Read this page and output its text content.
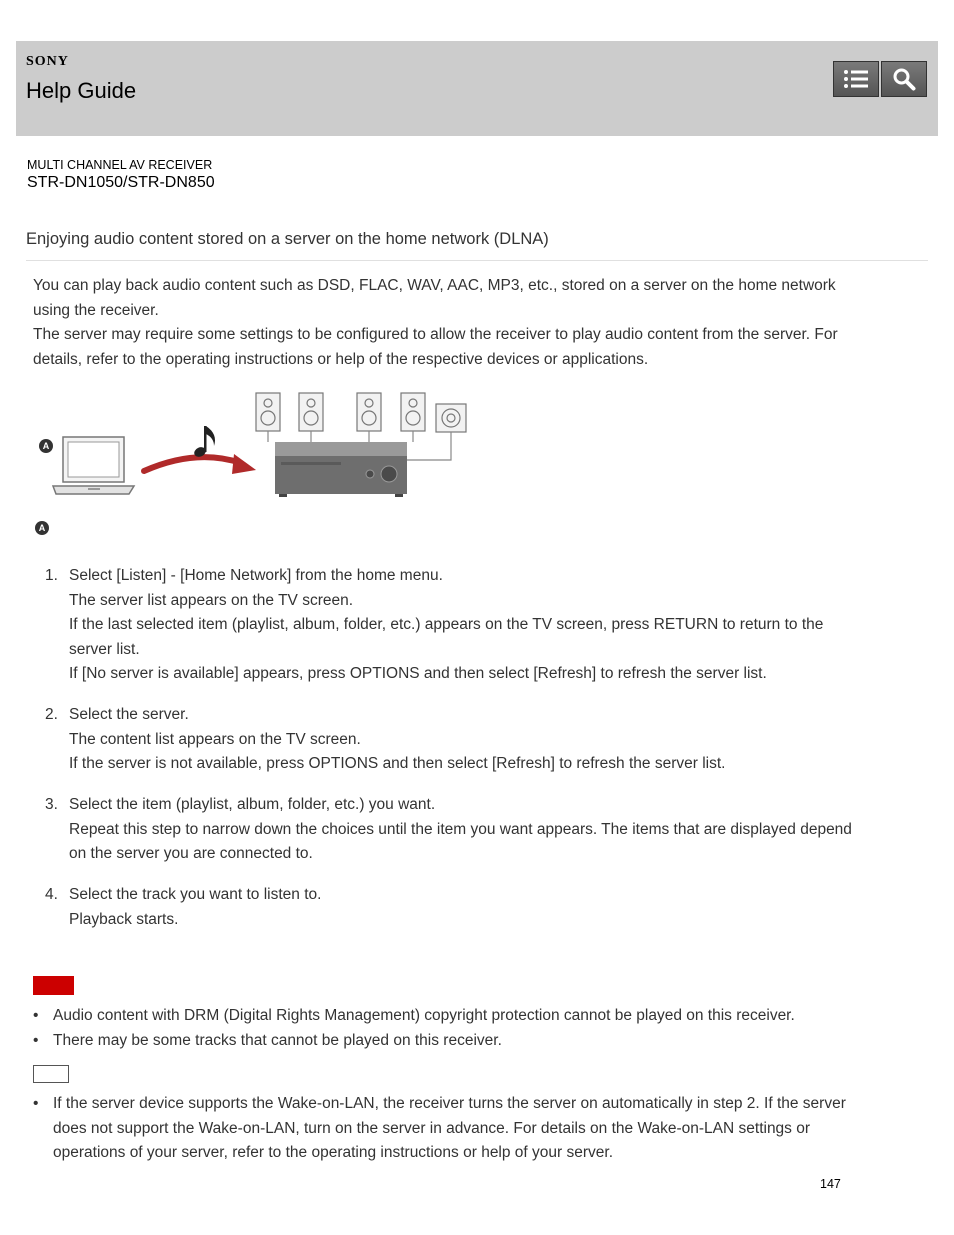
SONY
Help Guide
MULTI CHANNEL AV RECEIVER
STR-DN1050/STR-DN850
Enjoying audio content stored on a server on the home network (DLNA)

You can play back audio content such as DSD, FLAC, WAV, AAC, MP3, etc., stored on a server on the home network

using the receiver.

The server may require some settings to be configured to allow the receiver to play audio content from the server. For

details, refer to the operating instructions or help of the respective devices or applications.

A
A
1. Select [Listen] - [Home Network] from the home menu.

The server list appears on the TV screen.

If the last selected item (playlist, album, folder, etc.) appears on the TV screen, press RETURN to return to the

server list.

If [No server is available] appears, press OPTIONS and then select [Refresh] to refresh the server list.

2. Select the server.

The content list appears on the TV screen.

If the server is not available, press OPTIONS and then select [Refresh] to refresh the server list.

3. Select the item (playlist, album, folder, etc.) you want.

Repeat this step to narrow down the choices until the item you want appears. The items that are displayed depend

on the server you are connected to.

4. Select the track you want to listen to.

Playback starts.

• Audio content with DRM (Digital Rights Management) copyright protection cannot be played on this receiver.

• There may be some tracks that cannot be played on this receiver.

• If the server device supports the Wake-on-LAN, the receiver turns the server on automatically in step 2. If the server

does not support the Wake-on-LAN, turn on the server in advance. For details on the Wake-on-LAN settings or

operations of your server, refer to the operating instructions or help of your server.

147
